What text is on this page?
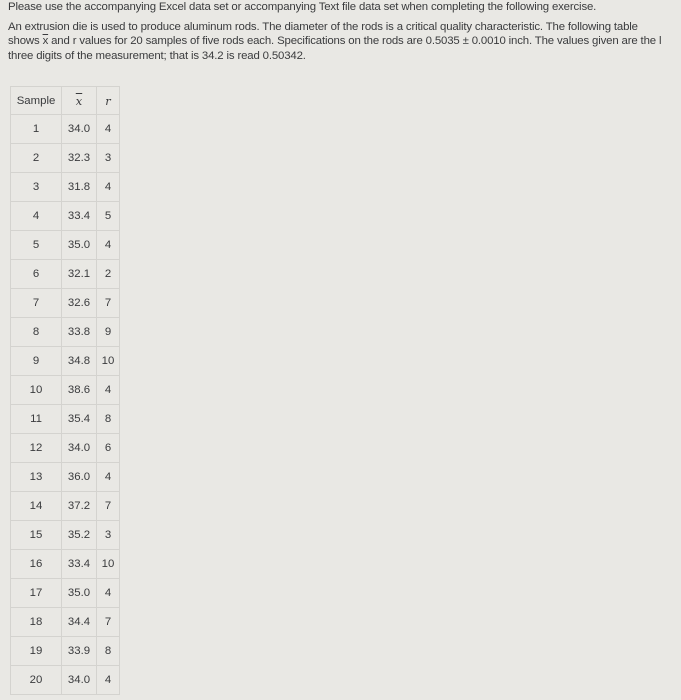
Please use the accompanying Excel data set or accompanying Text file data set when completing the following exercise.
An extrusion die is used to produce aluminum rods. The diameter of the rods is a critical quality characteristic. The following table
shows $\overline{x}$ and r values for 20 samples of five rods each. Specifications on the rods are 0.5035 ± 0.0010 inch. The values given are the l
three digits of the measurement; that is 34.2 is read 0.50342.
Sample	$\overline{x}$	r
1	34.0	4
2	32.3	3
3	31.8	4
4	33.4	5
5	35.0	4
6	32.1	2
7	32.6	7
8	33.8	9
9	34.8	10
10	38.6	4
11	35.4	8
12	34.0	6
13	36.0	4
14	37.2	7
15	35.2	3
16	33.4	10
17	35.0	4
18	34.4	7
19	33.9	8
20	34.0	4
